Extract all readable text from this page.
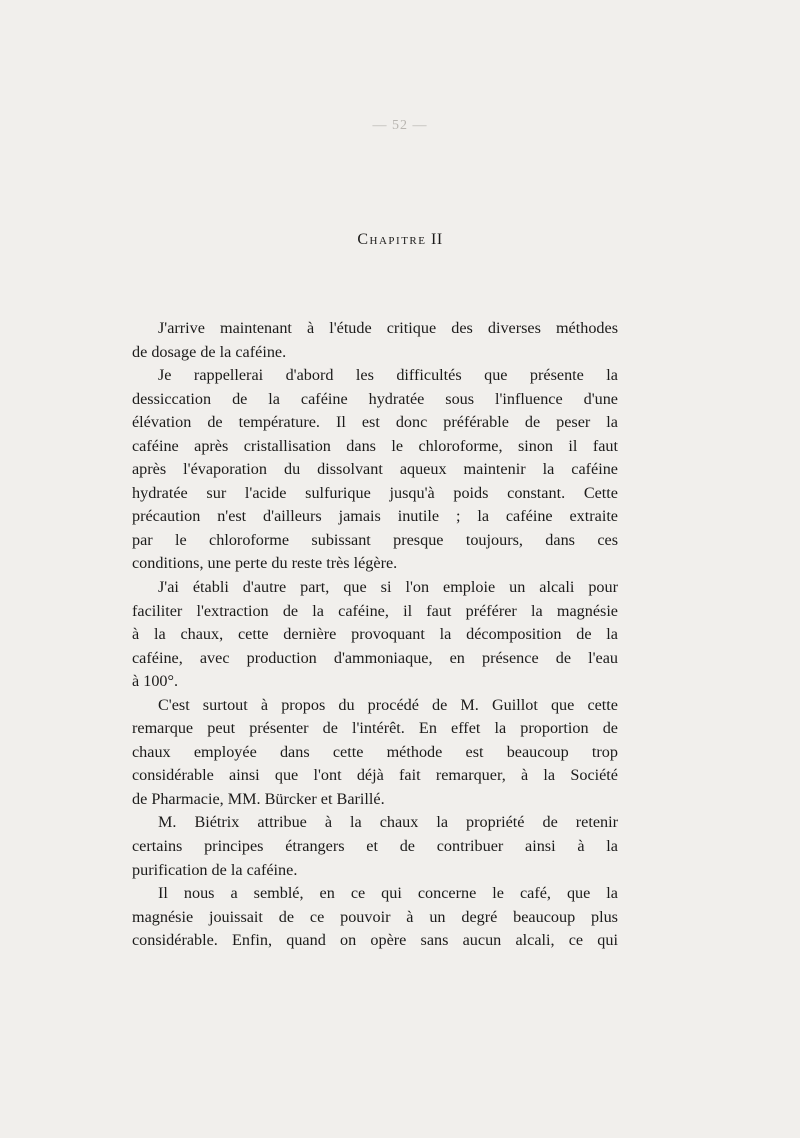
— 52 —
Chapitre II
J'arrive maintenant à l'étude critique des diverses méthodes
de dosage de la caféine.
Je rappellerai d'abord les difficultés que présente la
dessiccation de la caféine hydratée sous l'influence d'une
élévation de température. Il est donc préférable de peser la
caféine après cristallisation dans le chloroforme, sinon il faut
après l'évaporation du dissolvant aqueux maintenir la caféine
hydratée sur l'acide sulfurique jusqu'à poids constant. Cette
précaution n'est d'ailleurs jamais inutile ; la caféine extraite
par le chloroforme subissant presque toujours, dans ces
conditions, une perte du reste très légère.
J'ai établi d'autre part, que si l'on emploie un alcali pour
faciliter l'extraction de la caféine, il faut préférer la magnésie
à la chaux, cette dernière provoquant la décomposition de la
caféine, avec production d'ammoniaque, en présence de l'eau
à 100°.
C'est surtout à propos du procédé de M. Guillot que cette
remarque peut présenter de l'intérêt. En effet la proportion de
chaux employée dans cette méthode est beaucoup trop
considérable ainsi que l'ont déjà fait remarquer, à la Société
de Pharmacie, MM. Bürcker et Barillé.
M. Biétrix attribue à la chaux la propriété de retenir
certains principes étrangers et de contribuer ainsi à la
purification de la caféine.
Il nous a semblé, en ce qui concerne le café, que la
magnésie jouissait de ce pouvoir à un degré beaucoup plus
considérable. Enfin, quand on opère sans aucun alcali, ce qui
